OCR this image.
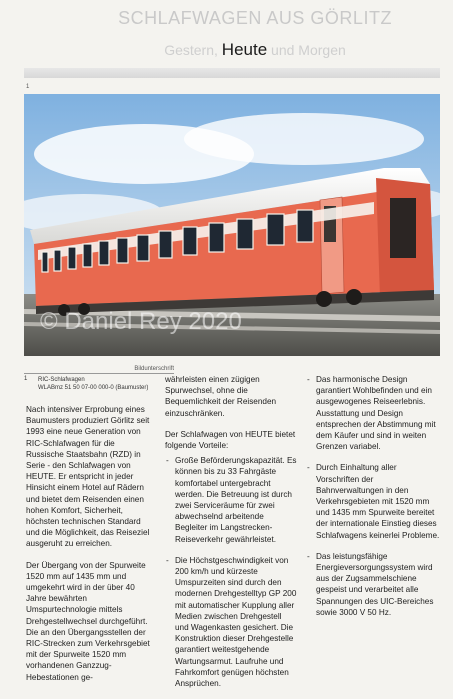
SCHLAFWAGEN AUS GÖRLITZ
Gestern, Heute und Morgen
1
© Daniel Rey 2020
Bildunterschrift
1	RIC-Schlafwagen
WLABmz 51 50 07-00 000-0 (Baumuster)

Nach intensiver Erprobung eines Baumusters produziert Görlitz seit 1993 eine neue Generation von RIC-Schlafwagen für die Russische Staatsbahn (RZD) in Serie - den Schlafwagen von HEUTE. Er entspricht in jeder Hinsicht einem Hotel auf Rädern und bietet dem Reisenden einen hohen Komfort, Sicherheit, höchsten technischen Standard und die Möglichkeit, das Reiseziel ausgeruht zu erreichen.

Der Übergang von der Spurweite 1520 mm auf 1435 mm und umgekehrt wird in der über 40 Jahre bewährten Umspurtechnologie mittels Drehgestellwechsel durchgeführt. Die an den Übergangsstellen der RIC-Strecken zum Verkehrsgebiet mit der Spurweite 1520 mm vorhandenen Ganzzug-Hebestationen ge-

währleisten einen zügigen Spurwechsel, ohne die Bequemlichkeit der Reisenden einzuschränken.

Der Schlafwagen von HEUTE bietet folgende Vorteile:

- Große Beförderungskapazität. Es können bis zu 33 Fahrgäste komfortabel untergebracht werden. Die Betreuung ist durch zwei Serviceräume für zwei abwechselnd arbeitende Begleiter im Langstrecken-Reiseverkehr gewährleistet.

- Die Höchstgeschwindigkeit von 200 km/h und kürzeste Umspurzeiten sind durch den modernen Drehgestelltyp GP 200 mit automatischer Kupplung aller Medien zwischen Drehgestell und Wagenkasten gesichert. Die Konstruktion dieser Drehgestelle garantiert weitestgehende Wartungsarmut. Laufruhe und Fahrkomfort genügen höchsten Ansprüchen.

- Das harmonische Design garantiert Wohlbefinden und ein ausgewogenes Reiseerlebnis. Ausstattung und Design entsprechen der Abstimmung mit dem Käufer und sind in weiten Grenzen variabel.

- Durch Einhaltung aller Vorschriften der Bahnverwaltungen in den Verkehrsgebieten mit 1520 mm und 1435 mm Spurweite bereitet der internationale Einstieg dieses Schlafwagens keinerlei Probleme.

- Das leistungsfähige Energieversorgungssystem wird aus der Zugsammelschiene gespeist und verarbeitet alle Spannungen des UIC-Bereiches sowie 3000 V 50 Hz.
